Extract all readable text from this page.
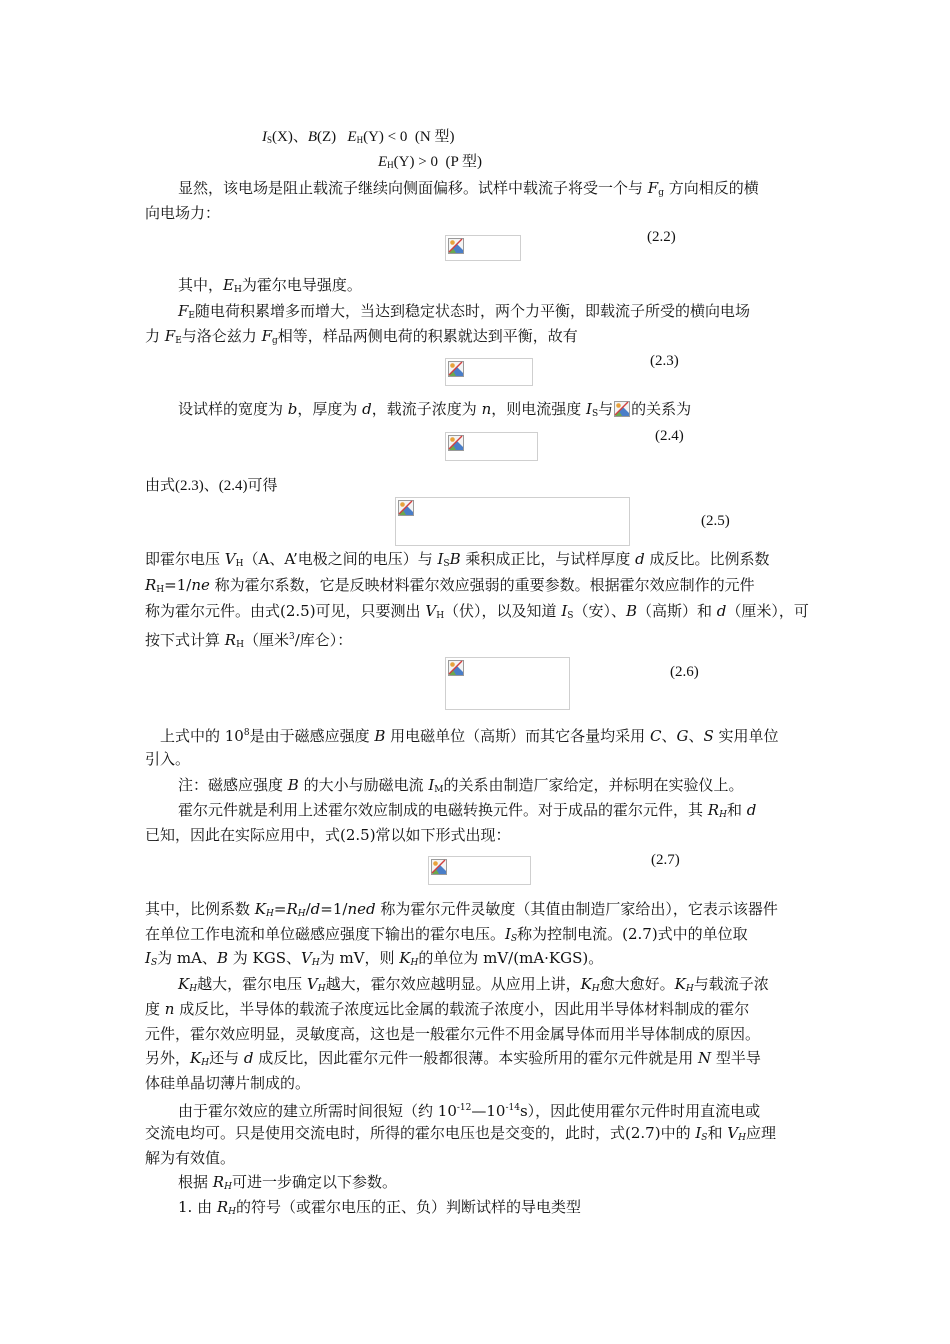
$I_S(X)$、B(Z)   $E_H(Y) < 0$  (N 型)
$E_H(Y) > 0$  (P 型)
显然，该电场是阻止载流子继续向侧面偏移。试样中载流子将受一个与 $F_g$ 方向相反的横
向电场力：
(2.2)
其中，$E_H$为霍尔电导强度。
$F_E$随电荷积累增多而增大，当达到稳定状态时，两个力平衡，即载流子所受的横向电场
力 $F_E$与洛仑兹力 $F_g$相等，样品两侧电荷的积累就达到平衡，故有
(2.3)
设试样的宽度为 b，厚度为 d，载流子浓度为 n，则电流强度 $I_S$与 的关系为
(2.4)
由式(2.3)、(2.4)可得
(2.5)
即霍尔电压 $V_H(A$、A’电极之间的电压）与 $I_SB$ 乘积成正比，与试样厚度 d 成反比。比例系数
$R_H=1/ne$ 称为霍尔系数，它是反映材料霍尔效应强弱的重要参数。根据霍尔效应制作的元件
称为霍尔元件。由式(2.5)可见，只要测出 $V_H$（伏），以及知道 $I_S$（安）、B（高斯）和 d（厘米），可
按下式计算 $R_H$（厘米$^3$/库仑）：
(2.6)
上式中的 $10^8$是由于磁感应强度 B 用电磁单位（高斯）而其它各量均采用 C、G、S 实用单位
引入。
注：磁感应强度 B 的大小与励磁电流 $I_M$的关系由制造厂家给定，并标明在实验仪上。
霍尔元件就是利用上述霍尔效应制成的电磁转换元件。对于成品的霍尔元件，其 $R_H$和 d
已知，因此在实际应用中，式(2.5)常以如下形式出现：
(2.7)
其中，比例系数 $K_H=R_H/d=1$/ned 称为霍尔元件灵敏度（其值由制造厂家给出），它表示该器件
在单位工作电流和单位磁感应强度下输出的霍尔电压。$I_S$称为控制电流。(2.7)式中的单位取
$I_S$为 mA、B 为 KGS、$V_H$为 mV，则 $K_H$的单位为 mV/(mA·KGS)。
$K_H$越大，霍尔电压 $V_H$越大，霍尔效应越明显。从应用上讲，$K_H$愈大愈好。$K_H$与载流子浓
度 n 成反比，半导体的载流子浓度远比金属的载流子浓度小，因此用半导体材料制成的霍尔
元件，霍尔效应明显，灵敏度高，这也是一般霍尔元件不用金属导体而用半导体制成的原因。
另外，$K_H$还与 d 成反比，因此霍尔元件一般都很薄。本实验所用的霍尔元件就是用 N 型半导
体硅单晶切薄片制成的。
由于霍尔效应的建立所需时间很短（约 $10^{-12}—10^{-14}s$），因此使用霍尔元件时用直流电或
交流电均可。只是使用交流电时，所得的霍尔电压也是交变的，此时，式(2.7)中的 $I_S$和 $V_H$应理
解为有效值。
根据 $R_H$可进一步确定以下参数。
1. 由 $R_H$的符号（或霍尔电压的正、负）判断试样的导电类型
